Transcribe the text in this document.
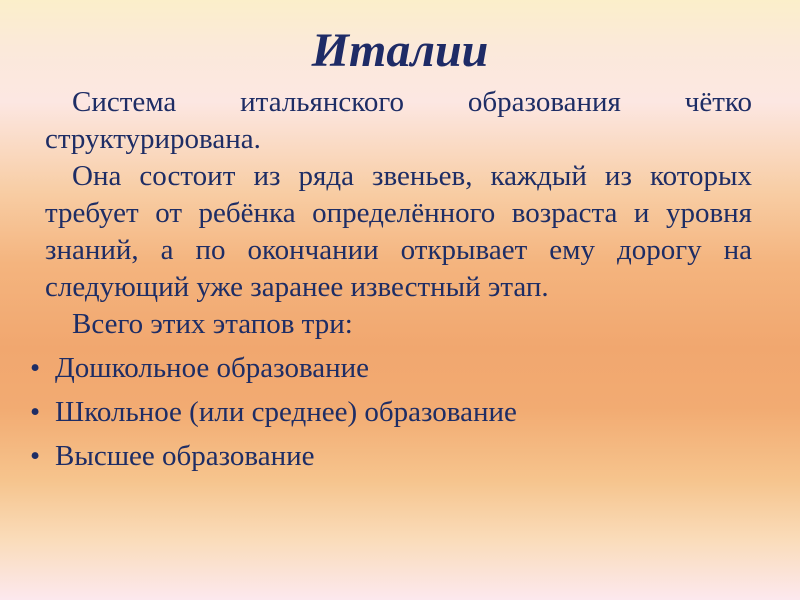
Италии

Система итальянского образования чётко структурирована.

Она состоит из ряда звеньев, каждый из которых требует от ребёнка определённого возраста и уровня знаний, а по окончании открывает ему дорогу на следующий уже заранее известный этап.

Всего этих этапов три:

• Дошкольное образование
• Школьное (или среднее) образование
• Высшее образование
